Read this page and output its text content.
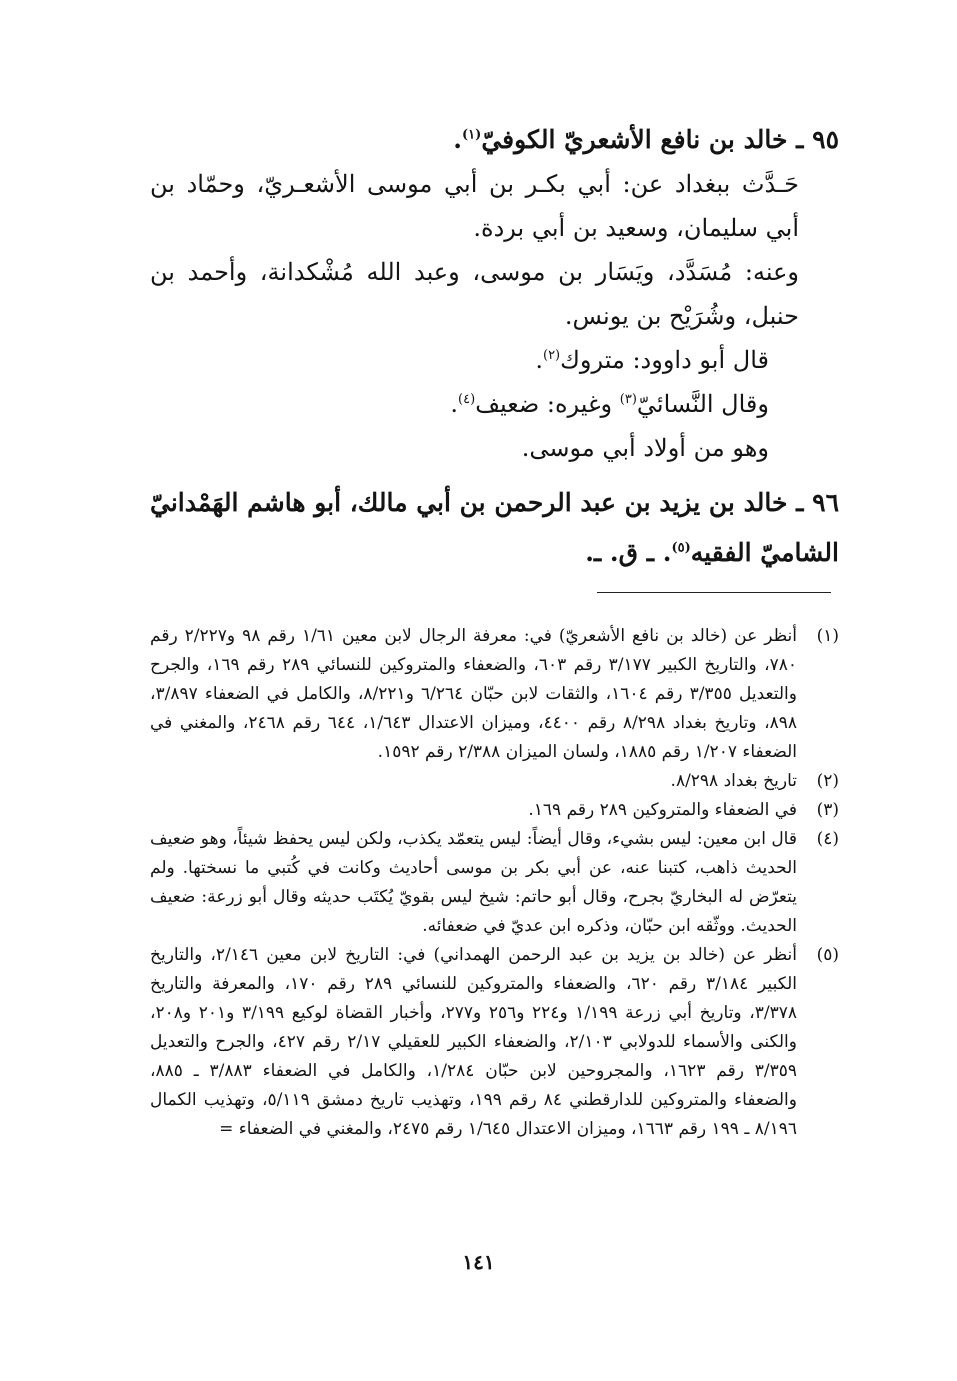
٩٥ ـ خالد بن نافع الأشعريّ الكوفيّ$^{(١)}$.

حَـدَّث ببغداد عن: أبي بكـر بن أبي موسى الأشعـريّ، وحمّاد بن أبي سليمان، وسعيد بن أبي بردة.

وعنه: مُسَدَّد، ويَسَار بن موسى، وعبد الله مُشْكدانة، وأحمد بن حنبل، وشُرَيْح بن يونس.

قال أبو داوود: متروك$^{(٢)}$.

وقال النَّسائيّ$^{(٣)}$ وغيره: ضعيف$^{(٤)}$.

وهو من أولاد أبي موسى.

٩٦ ـ خالد بن يزيد بن عبد الرحمن بن أبي مالك، أبو هاشم الهَمْدانيّ الشاميّ الفقيه$^{(٥)}$. ـ ق. ـ.

(١)
أنظر عن (خالد بن نافع الأشعريّ) في: معرفة الرجال لابن معين ١/٦١ رقم ٩٨ و٢/٢٢٧ رقم ٧٨٠، والتاريخ الكبير ٣/١٧٧ رقم ٦٠٣، والضعفاء والمتروكين للنسائي ٢٨٩ رقم ١٦٩، والجرح والتعديل ٣/٣٥٥ رقم ١٦٠٤، والثقات لابن حبّان ٦/٢٦٤ و٨/٢٢١، والكامل في الضعفاء ٣/٨٩٧، ٨٩٨، وتاريخ بغداد ٨/٢٩٨ رقم ٤٤٠٠، وميزان الاعتدال ١/٦٤٣، ٦٤٤ رقم ٢٤٦٨، والمغني في الضعفاء ١/٢٠٧ رقم ١٨٨٥، ولسان الميزان ٢/٣٨٨ رقم ١٥٩٢.
(٢)
تاريخ بغداد ٨/٢٩٨.
(٣)
في الضعفاء والمتروكين ٢٨٩ رقم ١٦٩.
(٤)
قال ابن معين: ليس بشيء، وقال أيضاً: ليس يتعمّد يكذب، ولكن ليس يحفظ شيئاً، وهو ضعيف الحديث ذاهب، كتبنا عنه، عن أبي بكر بن موسى أحاديث وكانت في كُتبي ما نسختها. ولم يتعرّض له البخاريّ بجرح، وقال أبو حاتم: شيخ ليس بقويّ يُكتَب حديثه وقال أبو زرعة: ضعيف الحديث. ووثّقه ابن حبّان، وذكره ابن عديّ في ضعفائه.
(٥)
أنظر عن (خالد بن يزيد بن عبد الرحمن الهمداني) في: التاريخ لابن معين ٢/١٤٦، والتاريخ الكبير ٣/١٨٤ رقم ٦٢٠، والضعفاء والمتروكين للنسائي ٢٨٩ رقم ١٧٠، والمعرفة والتاريخ ٣/٣٧٨، وتاريخ أبي زرعة ١/١٩٩ و٢٢٤ و٢٥٦ و٢٧٧، وأخبار القضاة لوكيع ٣/١٩٩ و٢٠١ و٢٠٨، والكنى والأسماء للدولابي ٢/١٠٣، والضعفاء الكبير للعقيلي ٢/١٧ رقم ٤٢٧، والجرح والتعديل ٣/٣٥٩ رقم ١٦٢٣، والمجروحين لابن حبّان ١/٢٨٤، والكامل في الضعفاء ٣/٨٨٣ ـ ٨٨٥، والضعفاء والمتروكين للدارقطني ٨٤ رقم ١٩٩، وتهذيب تاريخ دمشق ٥/١١٩، وتهذيب الكمال ٨/١٩٦ ـ ١٩٩ رقم ١٦٦٣، وميزان الاعتدال ١/٦٤٥ رقم ٢٤٧٥، والمغني في الضعفاء =
١٤١
